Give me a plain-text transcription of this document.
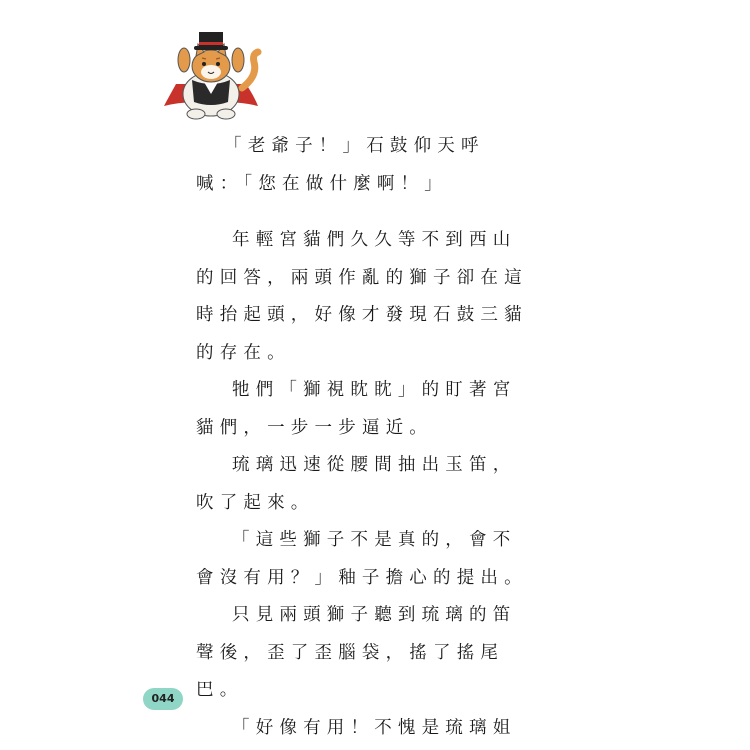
「老爺子！」石鼓仰天呼
喊：「您在做什麼啊！」
年輕宮貓們久久等不到西山
的回答，兩頭作亂的獅子卻在這
時抬起頭，好像才發現石鼓三貓
的存在。
牠們「獅視眈眈」的盯著宮
貓們，一步一步逼近。
琉璃迅速從腰間抽出玉笛，
吹了起來。
「這些獅子不是真的，會不
會沒有用？」釉子擔心的提出。
只見兩頭獅子聽到琉璃的笛
聲後，歪了歪腦袋，搖了搖尾
巴。
「好像有用！不愧是琉璃姐
044
